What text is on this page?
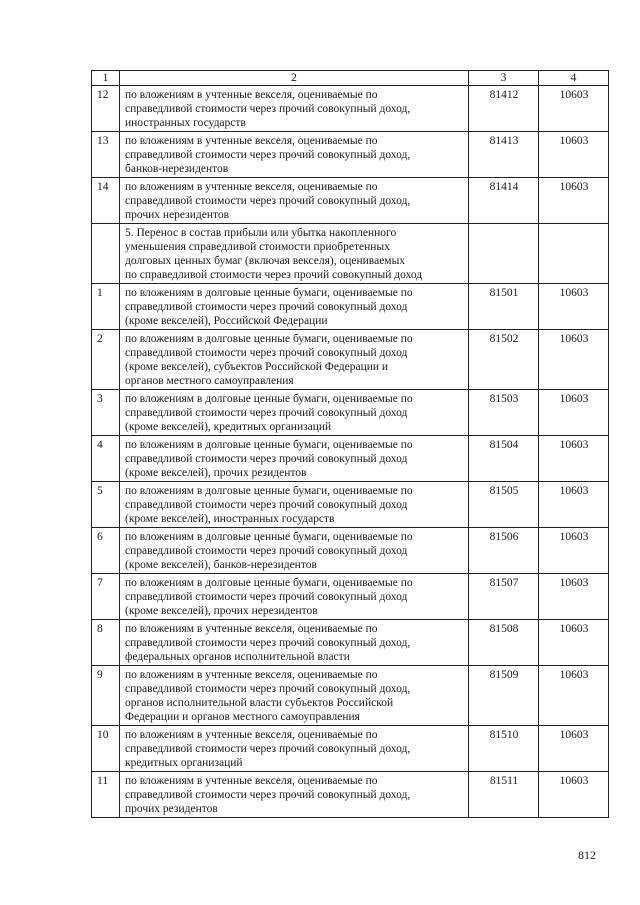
1	2	3	4
12	по вложениям в учтенные векселя, оцениваемые по
справедливой стоимости через прочий совокупный доход,
иностранных государств	81412	10603
13	по вложениям в учтенные векселя, оцениваемые по
справедливой стоимости через прочий совокупный доход,
банков-нерезидентов	81413	10603
14	по вложениям в учтенные векселя, оцениваемые по
справедливой стоимости через прочий совокупный доход,
прочих нерезидентов	81414	10603
	5. Перенос в состав прибыли или убытка накопленного
уменьшения справедливой стоимости приобретенных
долговых ценных бумаг (включая векселя), оцениваемых
по справедливой стоимости через прочий совокупный доход		
1	по вложениям в долговые ценные бумаги, оцениваемые по
справедливой стоимости через прочий совокупный доход
(кроме векселей), Российской Федерации	81501	10603
2	по вложениям в долговые ценные бумаги, оцениваемые по
справедливой стоимости через прочий совокупный доход
(кроме векселей), субъектов Российской Федерации и
органов местного самоуправления	81502	10603
3	по вложениям в долговые ценные бумаги, оцениваемые по
справедливой стоимости через прочий совокупный доход
(кроме векселей), кредитных организаций	81503	10603
4	по вложениям в долговые ценные бумаги, оцениваемые по
справедливой стоимости через прочий совокупный доход
(кроме векселей), прочих резидентов	81504	10603
5	по вложениям в долговые ценные бумаги, оцениваемые по
справедливой стоимости через прочий совокупный доход
(кроме векселей), иностранных государств	81505	10603
6	по вложениям в долговые ценные бумаги, оцениваемые по
справедливой стоимости через прочий совокупный доход
(кроме векселей), банков-нерезидентов	81506	10603
7	по вложениям в долговые ценные бумаги, оцениваемые по
справедливой стоимости через прочий совокупный доход
(кроме векселей), прочих нерезидентов	81507	10603
8	по вложениям в учтенные векселя, оцениваемые по
справедливой стоимости через прочий совокупный доход,
федеральных органов исполнительной власти	81508	10603
9	по вложениям в учтенные векселя, оцениваемые по
справедливой стоимости через прочий совокупный доход,
органов исполнительной власти субъектов Российской
Федерации и органов местного самоуправления	81509	10603
10	по вложениям в учтенные векселя, оцениваемые по
справедливой стоимости через прочий совокупный доход,
кредитных организаций	81510	10603
11	по вложениям в учтенные векселя, оцениваемые по
справедливой стоимости через прочий совокупный доход,
прочих резидентов	81511	10603
812
